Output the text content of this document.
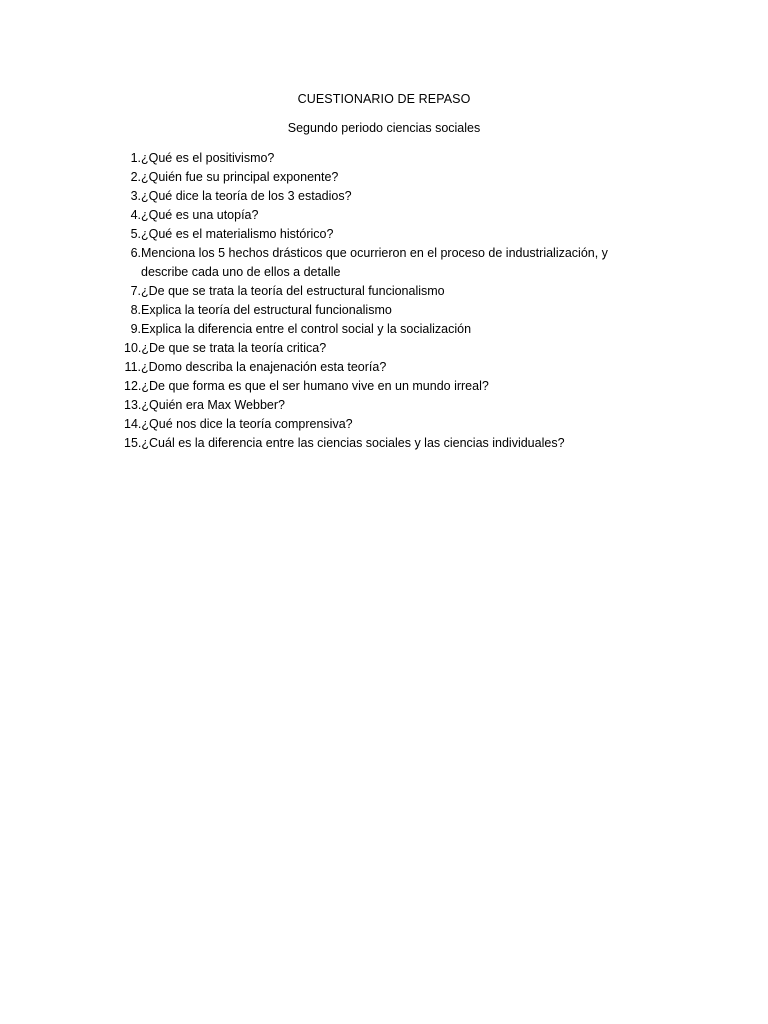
CUESTIONARIO DE REPASO
Segundo periodo ciencias sociales
1. ¿Qué es el positivismo?
2. ¿Quién fue su principal exponente?
3. ¿Qué dice la teoría de los 3 estadios?
4. ¿Qué es una utopía?
5. ¿Qué es el materialismo histórico?
6. Menciona los 5 hechos drásticos que ocurrieron en el proceso de industrialización, y describe cada uno de ellos a detalle
7. ¿De que se trata la teoría del estructural funcionalismo
8. Explica la teoría del estructural funcionalismo
9. Explica la diferencia entre el control social y la socialización
10. ¿De que se trata la teoría critica?
11. ¿Domo describa la enajenación esta teoría?
12. ¿De que forma es que el ser humano vive en un mundo irreal?
13. ¿Quién era Max Webber?
14. ¿Qué nos dice la teoría comprensiva?
15. ¿Cuál es la diferencia entre las ciencias sociales y las ciencias individuales?
